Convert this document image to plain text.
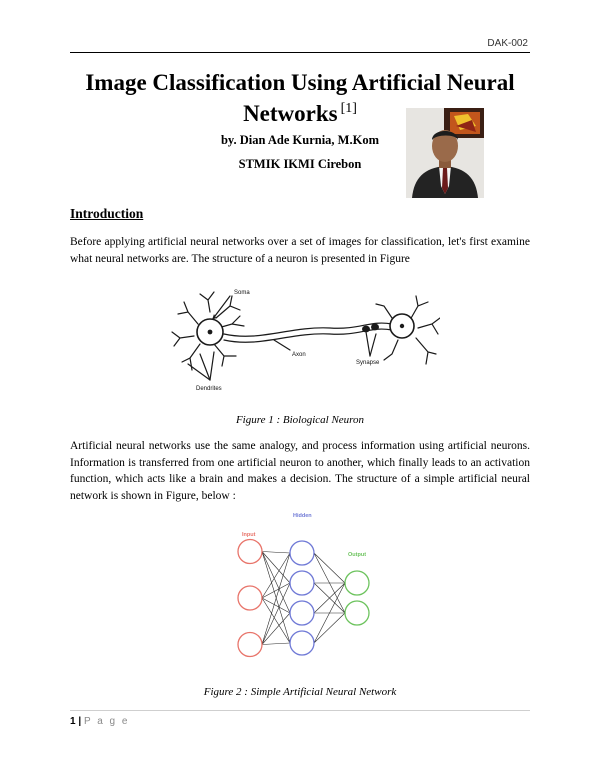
DAK-002
Image Classification Using Artificial Neural Networks [1]

by. Dian Ade Kurnia, M.Kom

STMIK IKMI Cirebon

Introduction

Before applying artificial neural networks over a set of images for classification, let's first examine what neural networks are. The structure of a neuron is presented in Figure

Soma
Axon
Synapse
Dendrites

Figure 1 : Biological Neuron

Artificial neural networks use the same analogy, and process information using artificial neurons. Information is transferred from one artificial neuron to another, which finally leads to an activation function, which acts like a brain and makes a decision. The structure of a simple artificial neural network is shown in Figure, below :

Input
Hidden
Output

Figure 2 : Simple Artificial Neural Network

1 | P a g e
